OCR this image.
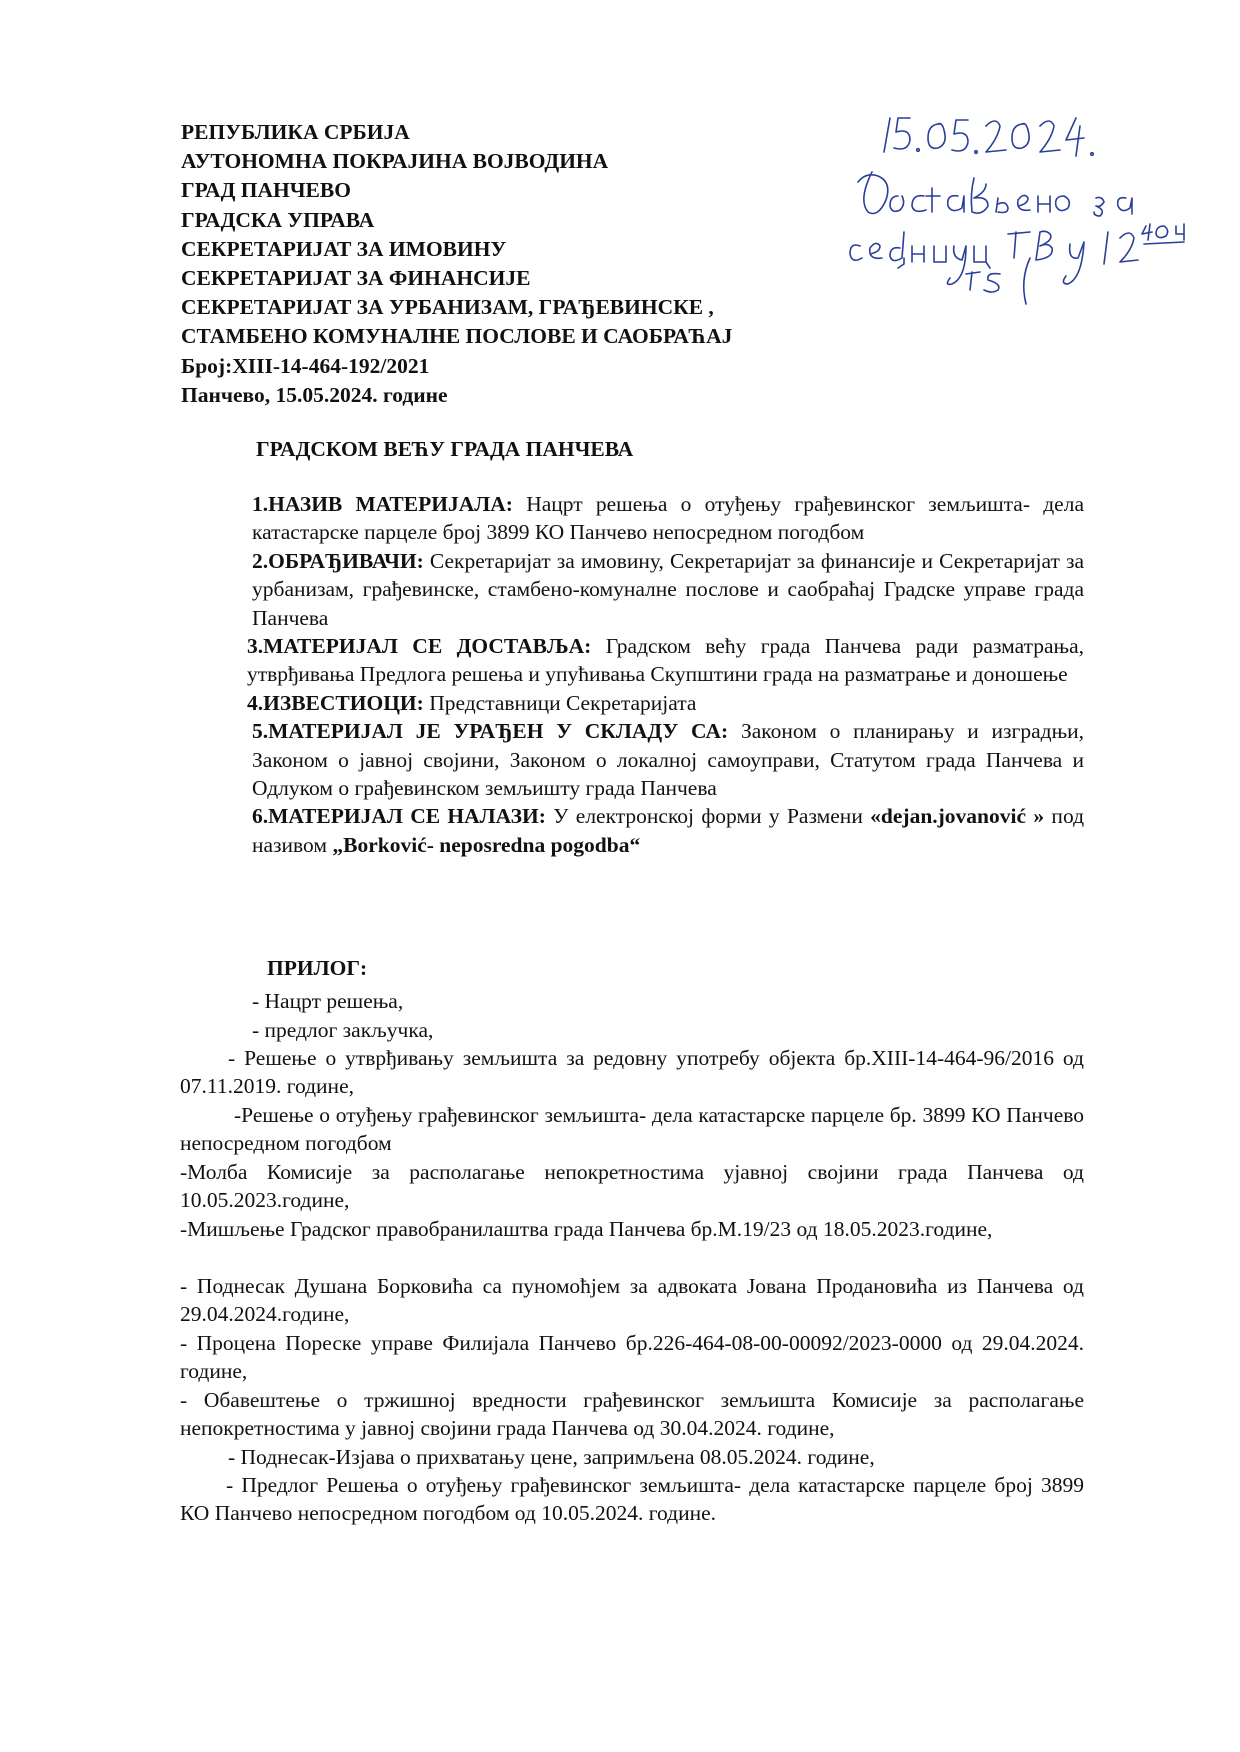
РЕПУБЛИКА СРБИЈА
АУТОНОМНА ПОКРАЈИНА ВОЈВОДИНА
ГРАД ПАНЧЕВО
ГРАДСКА УПРАВА
СЕКРЕТАРИЈАТ ЗА ИМОВИНУ
СЕКРЕТАРИЈАТ ЗА ФИНАНСИЈЕ
СЕКРЕТАРИЈАТ ЗА УРБАНИЗАМ, ГРАЂЕВИНСКЕ ,
СТАМБЕНО КОМУНАЛНЕ ПОСЛОВЕ И САОБРАЋАЈ
Број:XIII-14-464-192/2021
Панчево, 15.05.2024. године
ГРАДСКОМ ВЕЋУ ГРАДА ПАНЧЕВА
1.НАЗИВ МАТЕРИЈАЛА: Нацрт решења о отуђењу грађевинског земљишта- дела катастарске парцеле број 3899 КО Панчево непосредном погодбом
2.ОБРАЂИВАЧИ: Секретаријат за имовину, Секретаријат за финансије и Секретаријат за урбанизам, грађевинске, стамбено-комуналне послове и саобраћај Градске управе града Панчева
3.МАТЕРИЈАЛ СЕ ДОСТАВЉА: Градском већу града Панчева ради разматрања, утврђивања Предлога решења и упућивања Скупштини града на разматрање и доношење
4.ИЗВЕСТИОЦИ: Представници Секретаријата
5.МАТЕРИЈАЛ ЈЕ УРАЂЕН У СКЛАДУ СА: Законом о планирању и изградњи, Законом о јавној својини, Законом о локалној самоуправи, Статутом града Панчева и Одлуком о грађевинском земљишту града Панчева
6.МАТЕРИЈАЛ СЕ НАЛАЗИ: У електронској форми у Размени «dejan.jovanović » под називом „Borković- neposredna pogodba“
ПРИЛОГ:
- Нацрт решења,
- предлог закључка,
- Решење о утврђивању земљишта за редовну употребу објекта бр.XIII-14-464-96/2016 од 07.11.2019. године,
-Решење о отуђењу грађевинског земљишта- дела катастарске парцеле бр. 3899 КО Панчево непосредном погодбом
-Молба Комисије за располагање непокретностима ујавној својини града Панчева од 10.05.2023.године,
-Мишљење Градског правобранилаштва града Панчева бр.М.19/23 од 18.05.2023.године,
- Поднесак Душана Борковића са пуномоћјем за адвоката Јована Продановића из Панчева од 29.04.2024.године,
- Процена Пореске управе Филијала Панчево бр.226-464-08-00-00092/2023-0000 од 29.04.2024. године,
- Обавештење о тржишној вредности грађевинског земљишта Комисије за располагање непокретностима у јавној својини града Панчева од 30.04.2024. године,
- Поднесак-Изјава о прихватању цене, запримљена 08.05.2024. године,
- Предлог Решења о отуђењу грађевинског земљишта- дела катастарске парцеле број 3899 КО Панчево непосредном погодбом од 10.05.2024. године.
